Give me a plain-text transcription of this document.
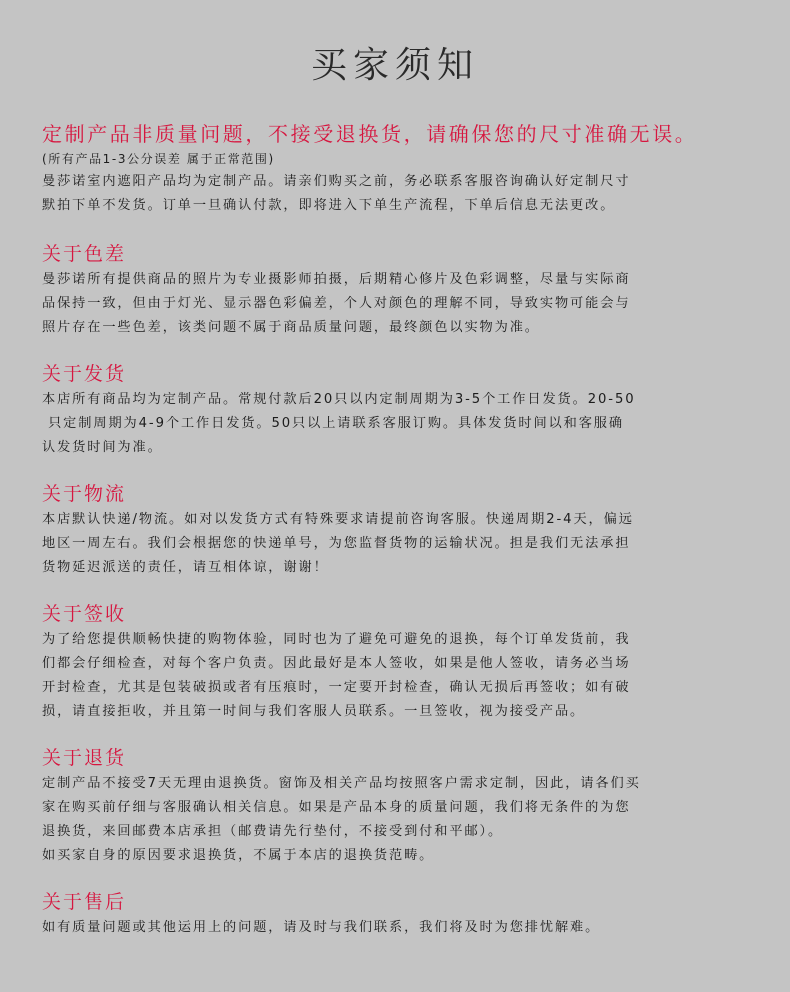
买家须知
定制产品非质量问题，不接受退换货，请确保您的尺寸准确无误。

(所有产品1-3公分误差 属于正常范围)

曼莎诺室内遮阳产品均为定制产品。请亲们购买之前，务必联系客服咨询确认好定制尺寸

默拍下单不发货。订单一旦确认付款，即将进入下单生产流程，下单后信息无法更改。

关于色差

曼莎诺所有提供商品的照片为专业摄影师拍摄，后期精心修片及色彩调整，尽量与实际商

品保持一致，但由于灯光、显示器色彩偏差，个人对颜色的理解不同，导致实物可能会与

照片存在一些色差，该类问题不属于商品质量问题，最终颜色以实物为准。

关于发货

本店所有商品均为定制产品。常规付款后20只以内定制周期为3-5个工作日发货。20-50

只定制周期为4-9个工作日发货。50只以上请联系客服订购。具体发货时间以和客服确

认发货时间为准。

关于物流

本店默认快递/物流。如对以发货方式有特殊要求请提前咨询客服。快递周期2-4天，偏远

地区一周左右。我们会根据您的快递单号，为您监督货物的运输状况。担是我们无法承担

货物延迟派送的责任，请互相体谅，谢谢！

关于签收

为了给您提供顺畅快捷的购物体验，同时也为了避免可避免的退换，每个订单发货前，我

们都会仔细检查，对每个客户负责。因此最好是本人签收，如果是他人签收，请务必当场

开封检查，尤其是包装破损或者有压痕时，一定要开封检查，确认无损后再签收；如有破

损，请直接拒收，并且第一时间与我们客服人员联系。一旦签收，视为接受产品。

关于退货

定制产品不接受7天无理由退换货。窗饰及相关产品均按照客户需求定制，因此，请各们买

家在购买前仔细与客服确认相关信息。如果是产品本身的质量问题，我们将无条件的为您

退换货，来回邮费本店承担（邮费请先行垫付，不接受到付和平邮）。

如买家自身的原因要求退换货，不属于本店的退换货范畴。

关于售后

如有质量问题或其他运用上的问题，请及时与我们联系，我们将及时为您排忧解难。
